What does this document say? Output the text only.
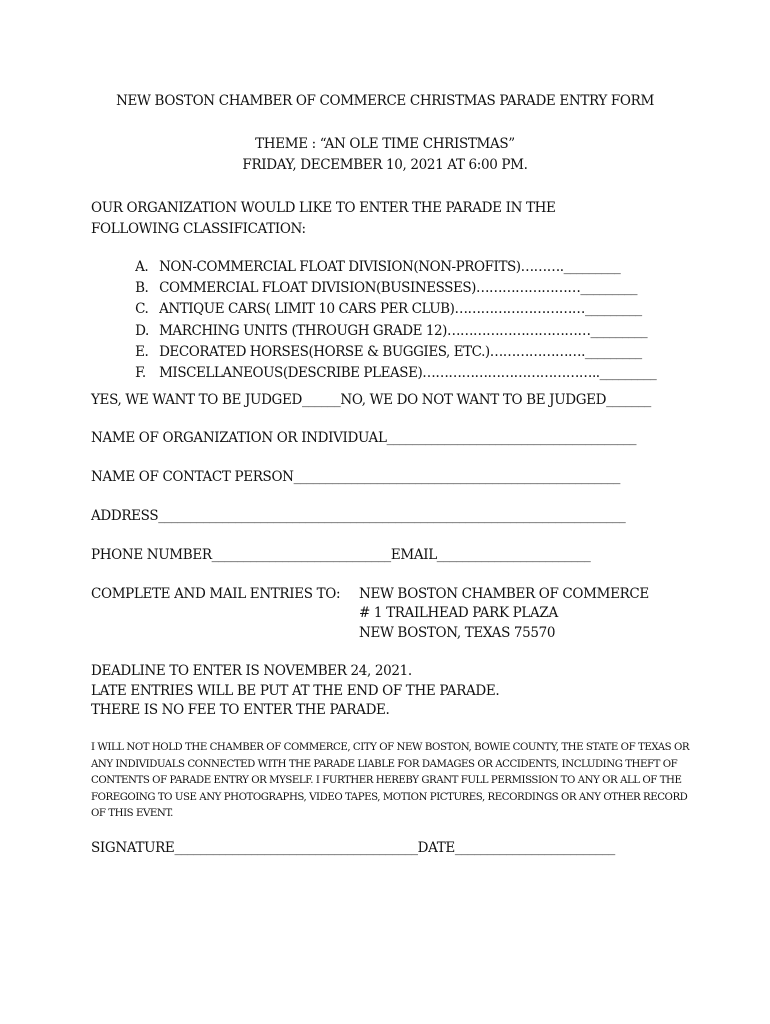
NEW BOSTON CHAMBER OF COMMERCE CHRISTMAS PARADE ENTRY FORM
THEME : “AN OLE TIME CHRISTMAS”
FRIDAY, DECEMBER 10, 2021 AT 6:00 PM.
OUR ORGANIZATION WOULD LIKE TO ENTER THE PARADE IN THE
FOLLOWING CLASSIFICATION:

A. NON-COMMERCIAL FLOAT DIVISION(NON-PROFITS)………._________

B. COMMERCIAL FLOAT DIVISION(BUSINESSES)……………………_________

C. ANTIQUE CARS( LIMIT 10 CARS PER CLUB)…………………………_________

D. MARCHING UNITS (THROUGH GRADE 12)……………………………_________

E. DECORATED HORSES(HORSE & BUGGIES, ETC.)…………………._________

F. MISCELLANEOUS(DESCRIBE PLEASE)………………………………….._________

YES, WE WANT TO BE JUDGED______NO, WE DO NOT WANT TO BE JUDGED_______
NAME OF ORGANIZATION OR INDIVIDUAL_______________________________________
NAME OF CONTACT PERSON___________________________________________________
ADDRESS_________________________________________________________________________
PHONE NUMBER____________________________EMAIL________________________
COMPLETE AND MAIL ENTRIES TO: NEW BOSTON CHAMBER OF COMMERCE
# 1 TRAILHEAD PARK PLAZA
NEW BOSTON, TEXAS 75570
DEADLINE TO ENTER IS NOVEMBER 24, 2021.
LATE ENTRIES WILL BE PUT AT THE END OF THE PARADE.
THERE IS NO FEE TO ENTER THE PARADE.
I WILL NOT HOLD THE CHAMBER OF COMMERCE, CITY OF NEW BOSTON, BOWIE COUNTY, THE STATE OF TEXAS OR ANY INDIVIDUALS CONNECTED WITH THE PARADE LIABLE FOR DAMAGES OR ACCIDENTS, INCLUDING THEFT OF CONTENTS OF PARADE ENTRY OR MYSELF. I FURTHER HEREBY GRANT FULL PERMISSION TO ANY OR ALL OF THE FOREGOING TO USE ANY PHOTOGRAPHS, VIDEO TAPES, MOTION PICTURES, RECORDINGS OR ANY OTHER RECORD OF THIS EVENT.
SIGNATURE______________________________________DATE_________________________
